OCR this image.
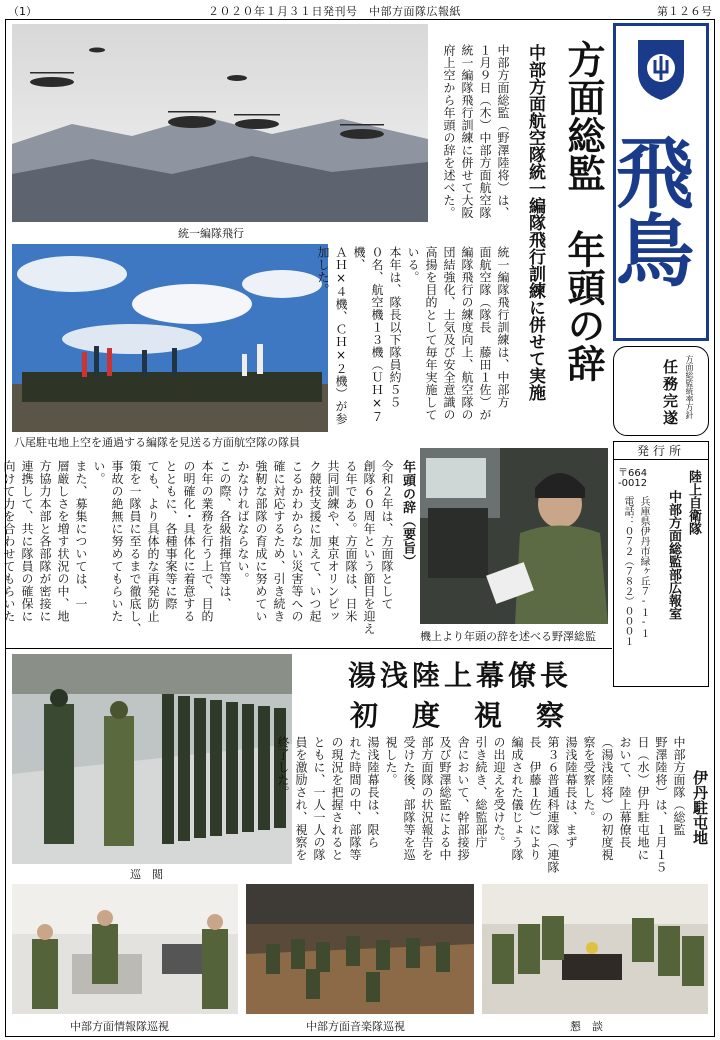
（1）	２０２０年１月３１日発刊号　中部方面隊広報紙	第１２６号
統一編隊飛行
八尾駐屯地上空を通過する編隊を見送る方面航空隊の隊員
方面総監　年頭の辞
中部方面航空隊統一編隊飛行訓練に併せて実施
中部方面総監（野澤陸将）は、
１月９日（木）中部方面航空隊
統一編隊飛行訓練に併せて大阪
府上空から年頭の辞を述べた。
統一編隊飛行訓練は、中部方
面航空隊（隊長　藤田１佐）が
編隊飛行の練度向上、航空隊の
団結強化、士気及び安全意識の
高揚を目的として毎年実施して
いる。
本年は、隊長以下隊員約５５
０名、航空機１３機（ＵＨ×７機、
ＡＨ×４機、ＣＨ×２機）が参
加した。
機上より年頭の辞を述べる野澤総監
年頭の辞（要旨）
令和２年は、方面隊として
創隊６０周年という節目を迎え
る年である。方面隊は、日米
共同訓練や、東京オリンピッ
ク競技支援に加えて、いつ起
こるかわからない災害等への
確に対応するため、引き続き
強靭な部隊の育成に努めてい
かなければならない。
この際、各級指揮官等は、
本年の業務を行う上で、目的
の明確化・具体化に着意する
とともに、各種事案等に際
ても、より具体的な再発防止
策を一隊員に至るまで徹底し、
事故の絶無に努めてもらいた
い。
また、募集については、一
層厳しさを増す状況の中、地
方協力本部と各部隊が密接に
連携して、共に隊員の確保に
向けて力を合わせてもらいた

飛鳥
任務完遂 方面総監統率方針
発行所
陸上自衛隊
中部方面総監部広報室
〒664
-0012
兵庫県伊丹市緑ヶ丘７-１-１
電話：０７２（７８２）０００１
湯浅陸上幕僚長
初度視察
巡　閲
伊丹駐屯地
中部方面隊（総監
野澤陸将）は、１月１５
日（水）伊丹駐屯地に
おいて、陸上幕僚長
（湯浅陸将）の初度視
察を受察した。
湯浅陸幕長は、まず
第３６普通科連隊（連隊
長　伊藤１佐）により
編成された儀じょう隊
の出迎えを受けた。
引き続き、総監部庁
舎において、幹部接拶
及び野澤総監による中
部方面隊の状況報告を
受けた後、部隊等を巡
視した。
湯浅陸幕長は、限ら
れた時間の中、部隊等
の現況を把握されると
ともに、一人一人の隊
員を激励され、視察を
終了した。
中部方面情報隊巡視	中部方面音楽隊巡視	懇　談
